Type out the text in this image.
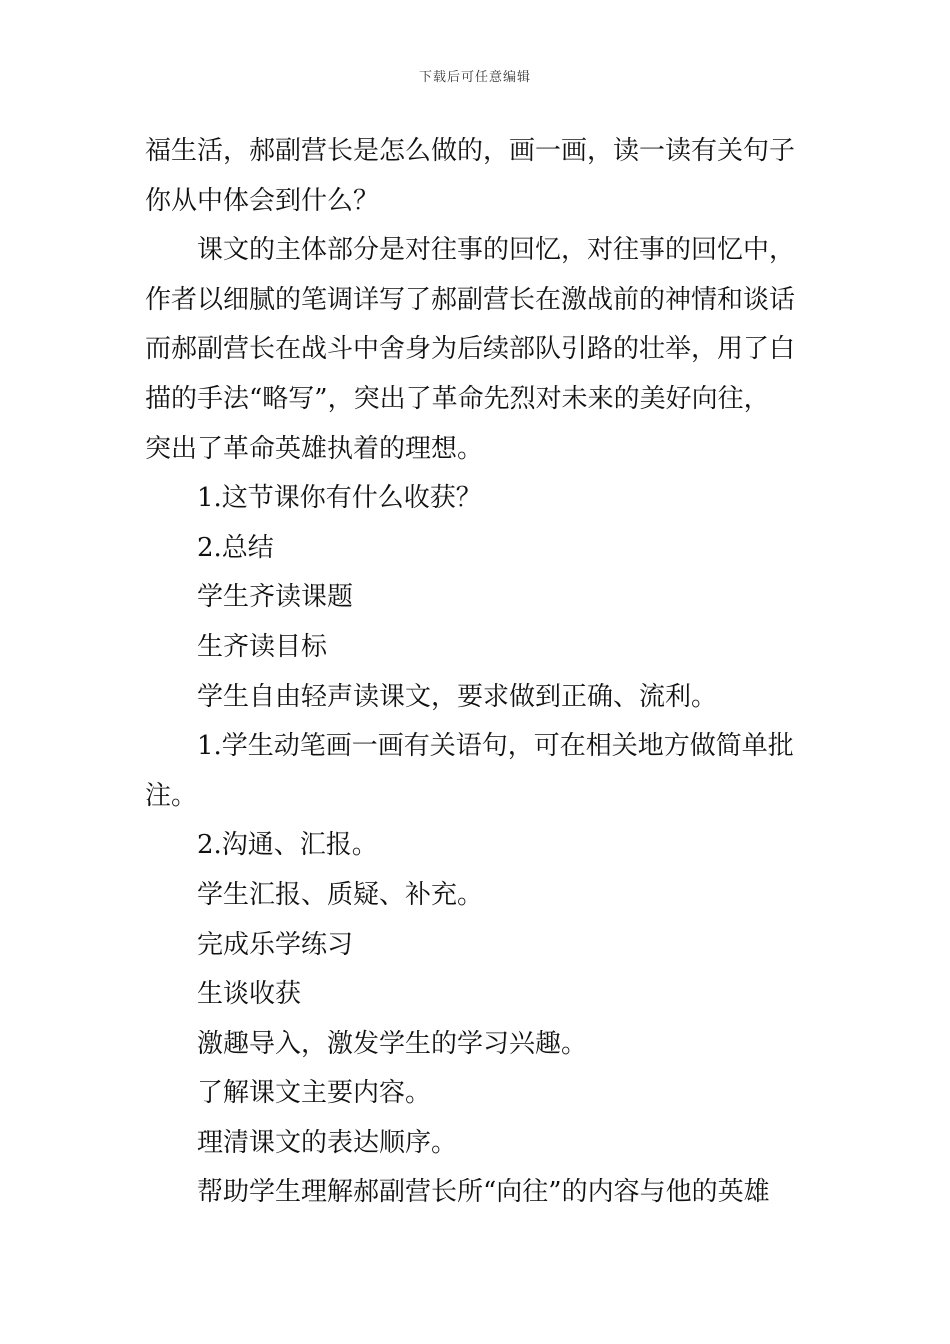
下载后可任意编辑
福生活，郝副营长是怎么做的，画一画，读一读有关句子
你从中体会到什么？
课文的主体部分是对往事的回忆，对往事的回忆中，
作者以细腻的笔调详写了郝副营长在激战前的神情和谈话
而郝副营长在战斗中舍身为后续部队引路的壮举，用了白
描的手法“略写”，突出了革命先烈对未来的美好向往，
突出了革命英雄执着的理想。
1.这节课你有什么收获？
2.总结
学生齐读课题
生齐读目标
学生自由轻声读课文，要求做到正确、流利。
1.学生动笔画一画有关语句，可在相关地方做简单批
注。
2.沟通、汇报。
学生汇报、质疑、补充。
完成乐学练习
生谈收获
激趣导入，激发学生的学习兴趣。
了解课文主要内容。
理清课文的表达顺序。
帮助学生理解郝副营长所“向往”的内容与他的英雄
